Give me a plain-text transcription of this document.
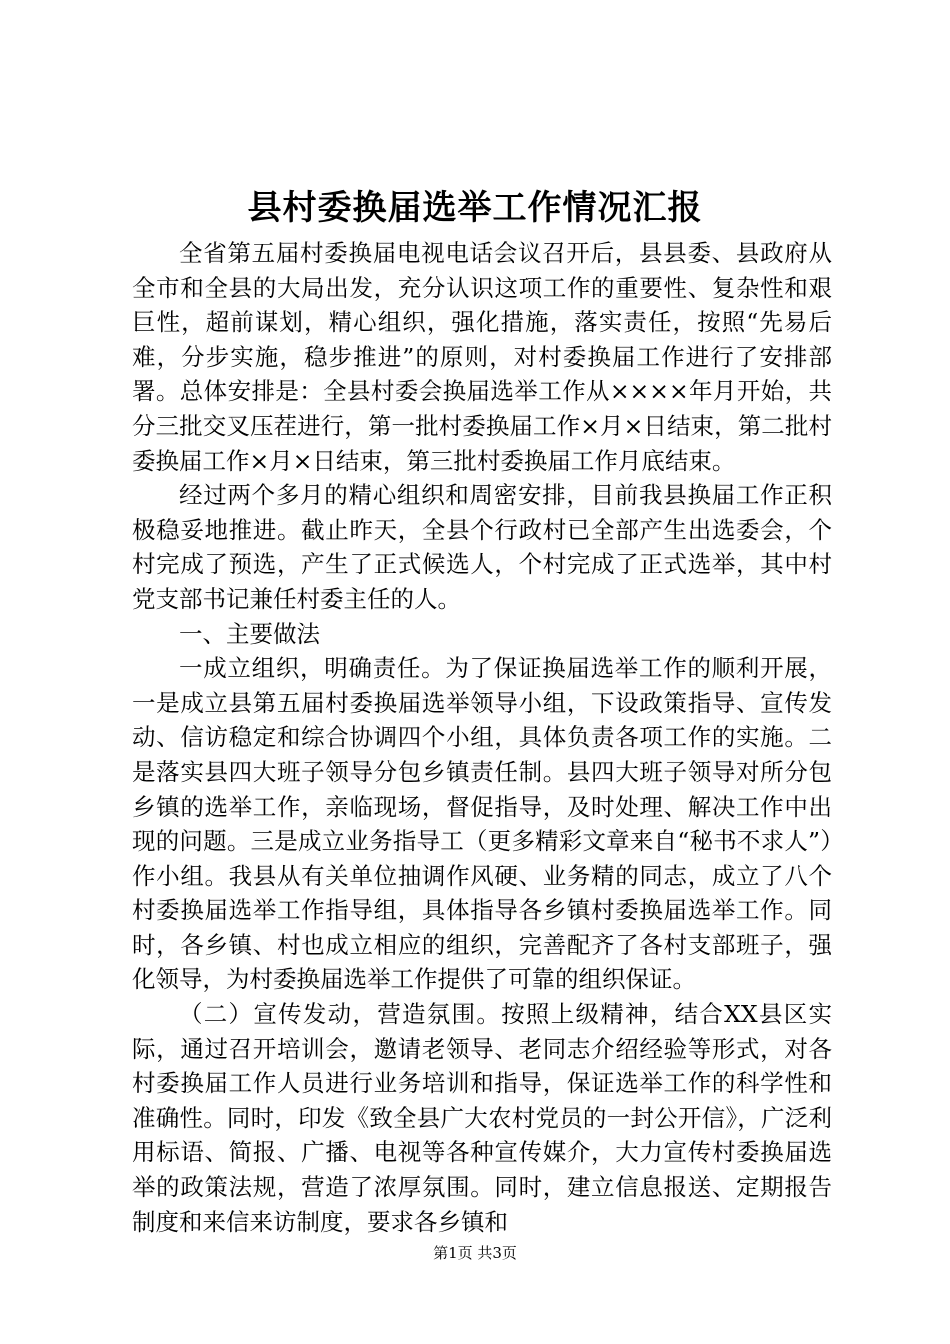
县村委换届选举工作情况汇报

全省第五届村委换届电视电话会议召开后，县县委、县政府从全市和全县的大局出发，充分认识这项工作的重要性、复杂性和艰巨性，超前谋划，精心组织，强化措施，落实责任，按照“先易后难，分步实施，稳步推进”的原则，对村委换届工作进行了安排部署。总体安排是：全县村委会换届选举工作从××××年月开始，共分三批交叉压茬进行，第一批村委换届工作×月×日结束，第二批村委换届工作×月×日结束，第三批村委换届工作月底结束。

经过两个多月的精心组织和周密安排，目前我县换届工作正积极稳妥地推进。截止昨天，全县个行政村已全部产生出选委会，个村完成了预选，产生了正式候选人，个村完成了正式选举，其中村党支部书记兼任村委主任的人。

一、主要做法

一成立组织，明确责任。为了保证换届选举工作的顺利开展，一是成立县第五届村委换届选举领导小组，下设政策指导、宣传发动、信访稳定和综合协调四个小组，具体负责各项工作的实施。二是落实县四大班子领导分包乡镇责任制。县四大班子领导对所分包乡镇的选举工作，亲临现场，督促指导，及时处理、解决工作中出现的问题。三是成立业务指导工（更多精彩文章来自“秘书不求人”）作小组。我县从有关单位抽调作风硬、业务精的同志，成立了八个村委换届选举工作指导组，具体指导各乡镇村委换届选举工作。同时，各乡镇、村也成立相应的组织，完善配齐了各村支部班子，强化领导，为村委换届选举工作提供了可靠的组织保证。

（二）宣传发动，营造氛围。按照上级精神，结合XX县区实际，通过召开培训会，邀请老领导、老同志介绍经验等形式，对各村委换届工作人员进行业务培训和指导，保证选举工作的科学性和准确性。同时，印发《致全县广大农村党员的一封公开信》，广泛利用标语、简报、广播、电视等各种宣传媒介，大力宣传村委换届选举的政策法规，营造了浓厚氛围。同时，建立信息报送、定期报告制度和来信来访制度，要求各乡镇和

第1页 共3页
